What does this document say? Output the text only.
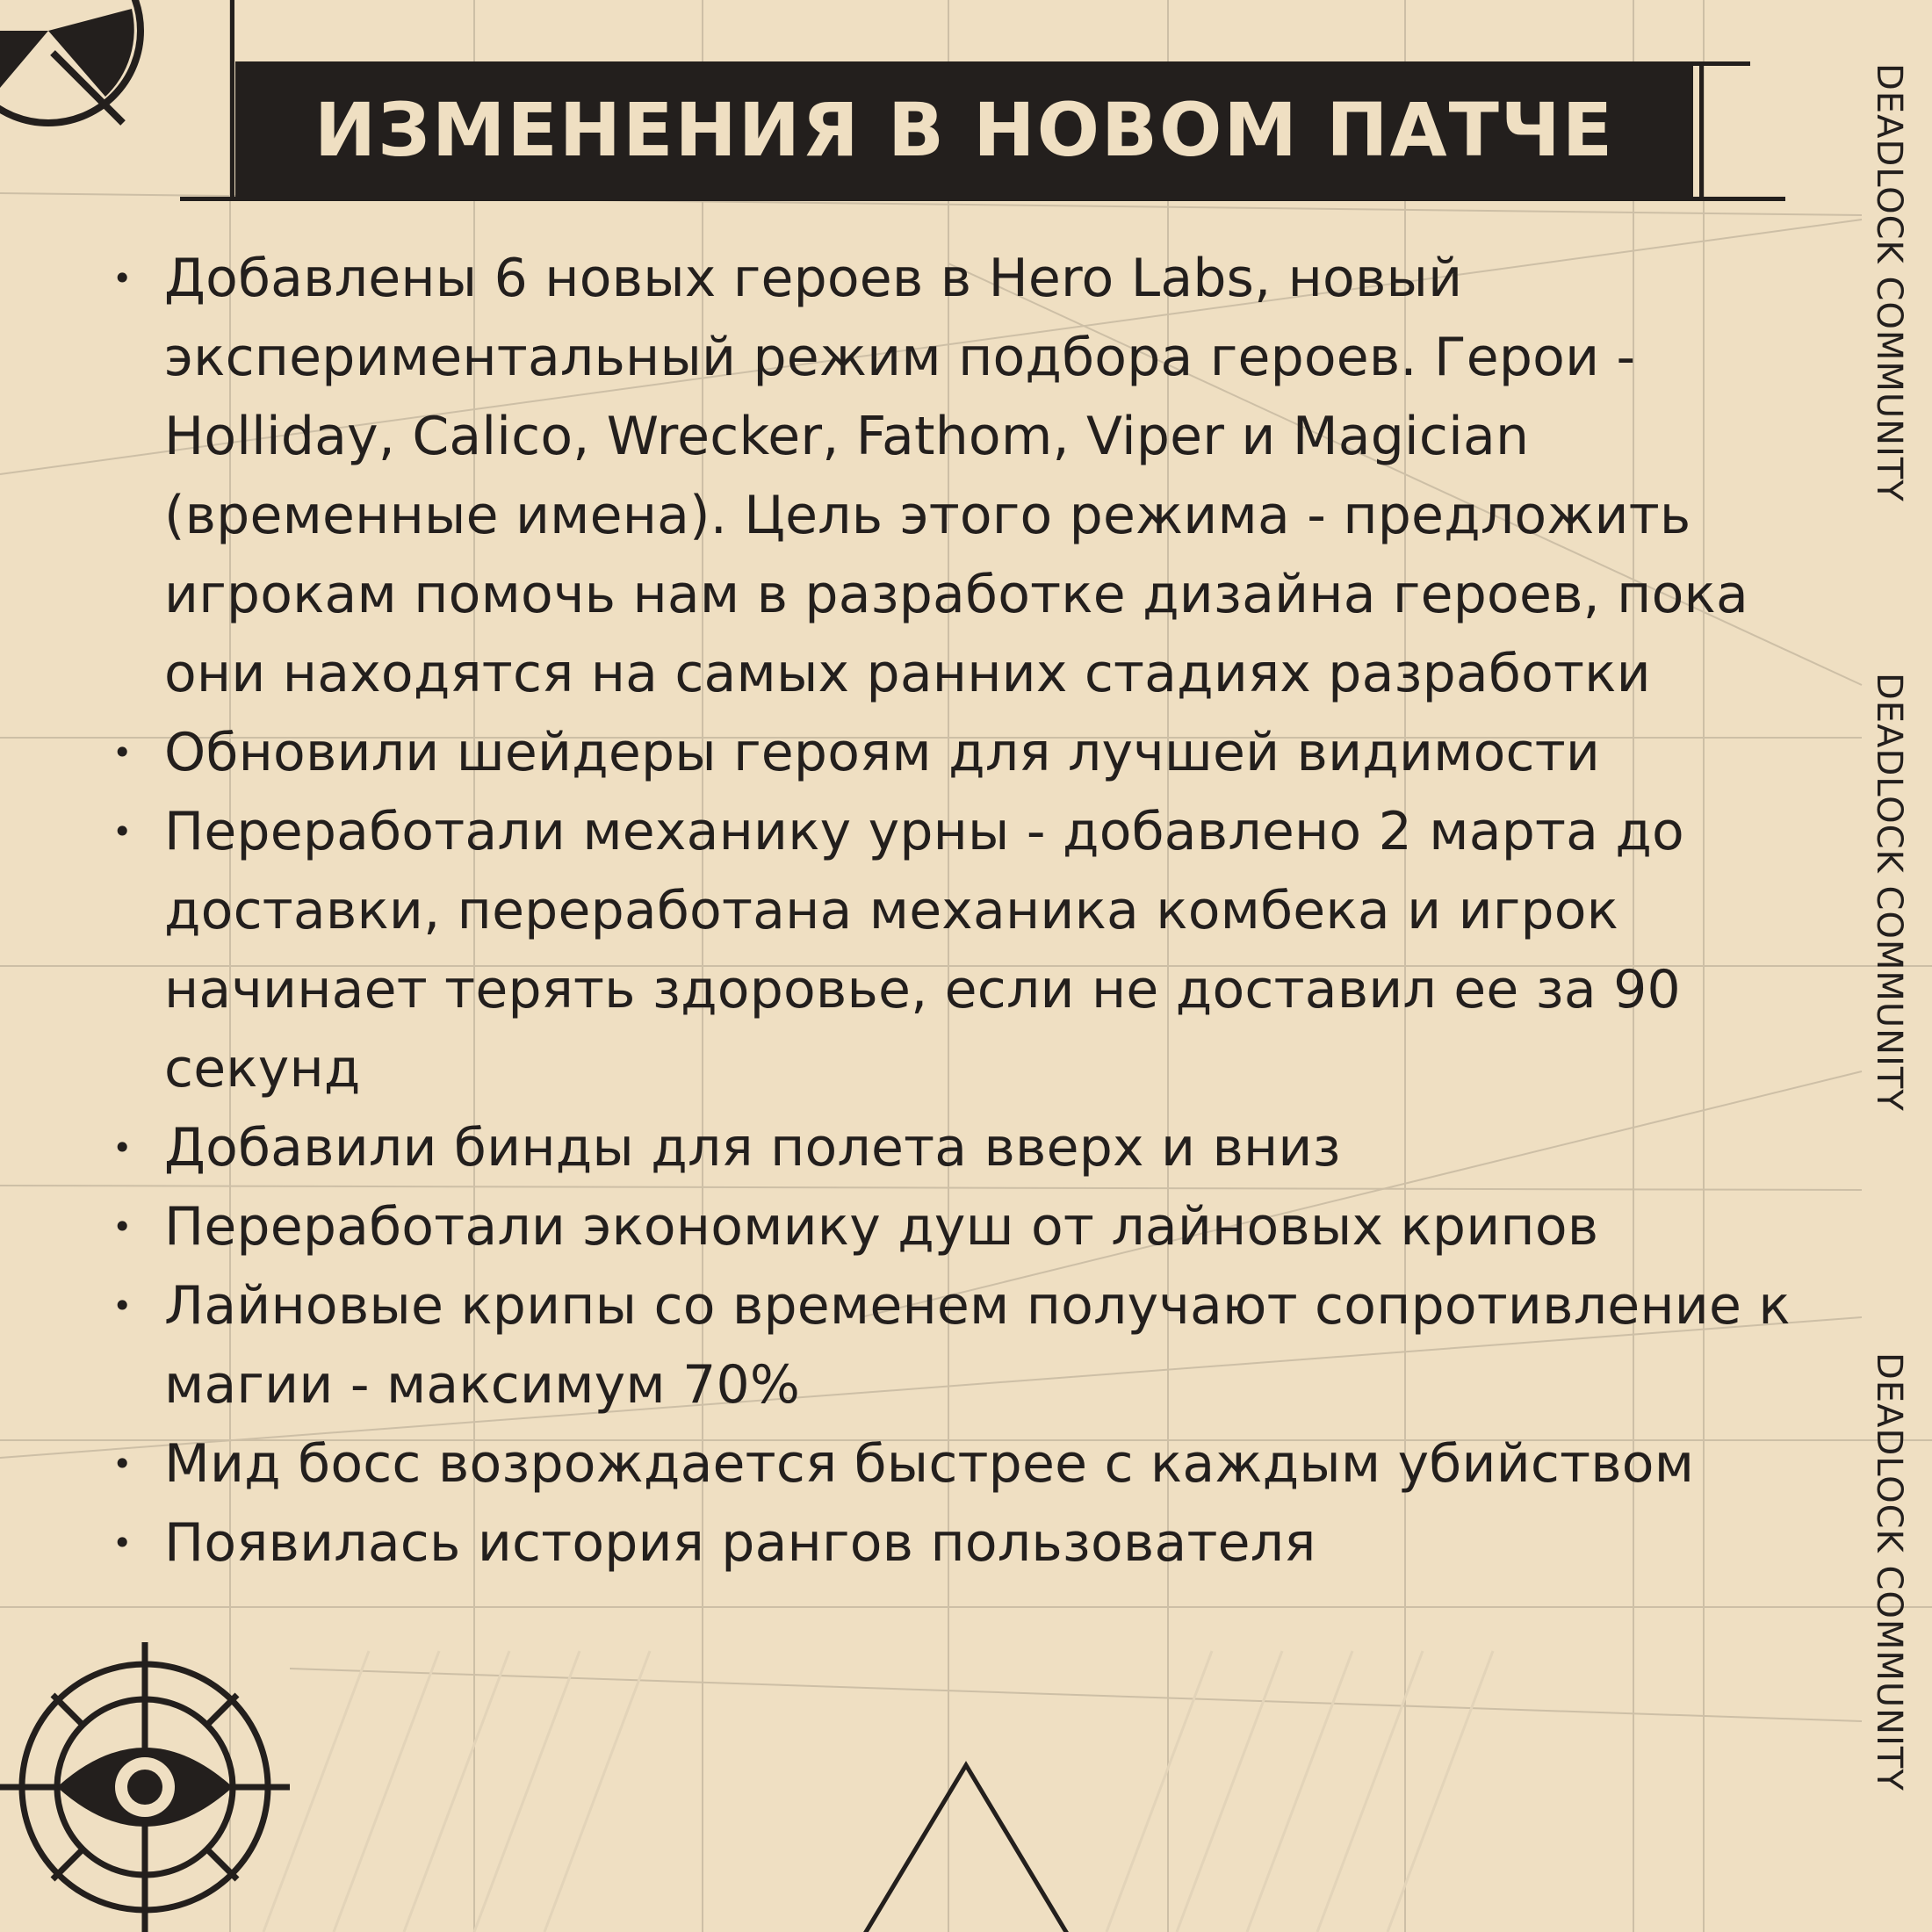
ИЗМЕНЕНИЯ В НОВОМ ПАТЧЕ
• Добавлены 6 новых героев в Hero Labs, новый экспериментальный режим подбора героев. Герои - Holliday, Calico, Wrecker, Fathom, Viper и Magician (временные имена). Цель этого режима - предложить игрокам помочь нам в разработке дизайна героев, пока они находятся на самых ранних стадиях разработки
• Обновили шейдеры героям для лучшей видимости
• Переработали механику урны - добавлено 2 марта до доставки, переработана механика комбека и игрок начинает терять здоровье, если не доставил ее за 90 секунд
• Добавили бинды для полета вверх и вниз
• Переработали экономику душ от лайновых крипов
• Лайновые крипы со временем получают сопротивление к магии - максимум 70%
• Мид босс возрождается быстрее с каждым убийством
• Появилась история рангов пользователя
DEADLOCK COMMUNITY
DEADLOCK COMMUNITY
DEADLOCK COMMUNITY
